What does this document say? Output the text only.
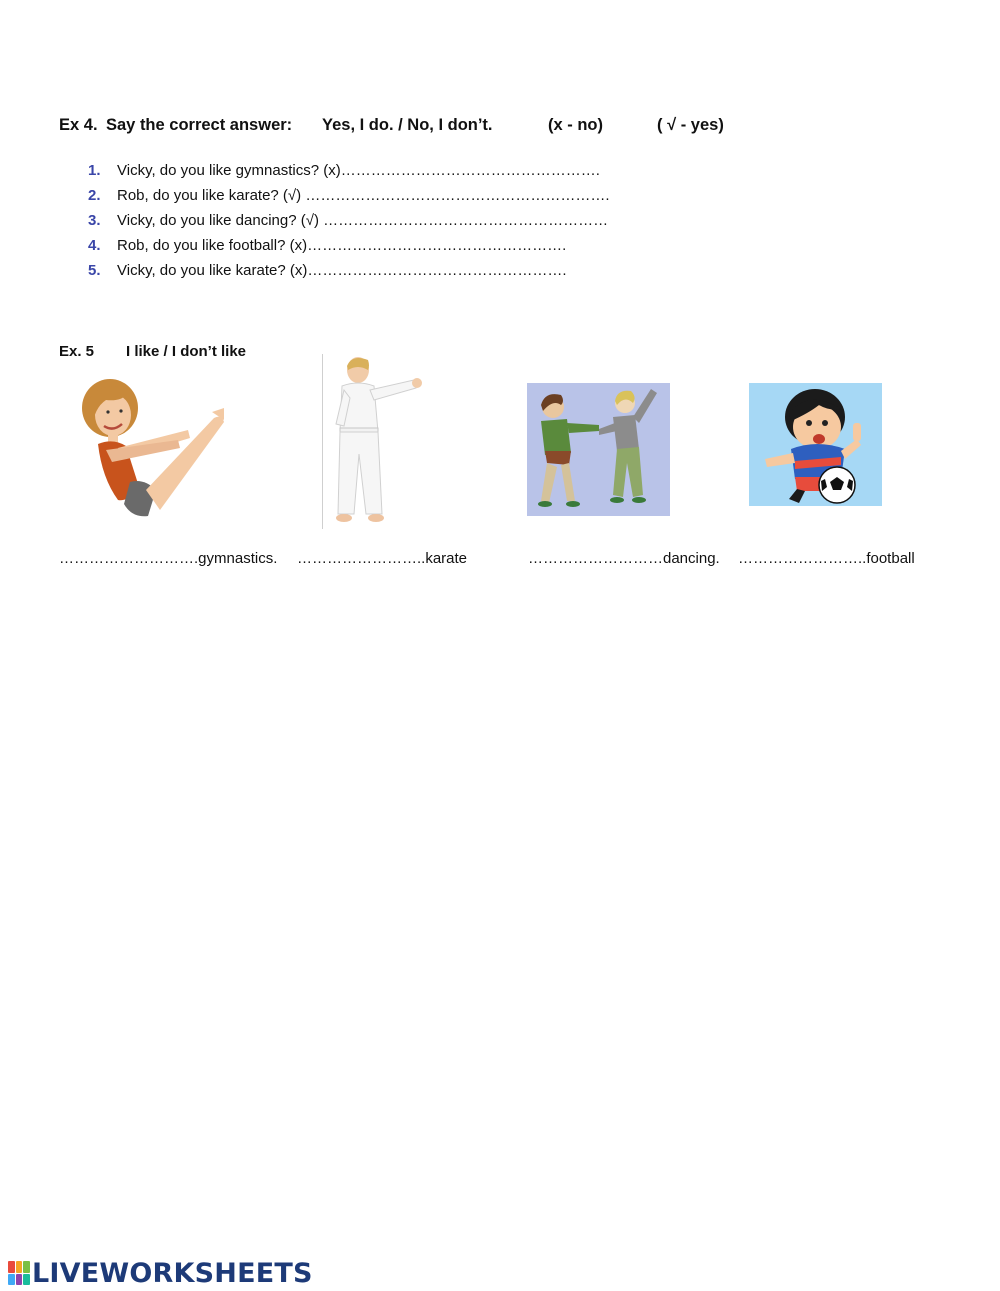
Ex 4. Say the correct answer: Yes, I do. / No, I don’t.	(x - no)	( √ - yes)
1. Vicky, do you like gymnastics? (x)…………………………………………….
2. Rob, do you like karate? (√) …………………………………………………….
3. Vicky, do you like dancing? (√) …………………………………………………
4. Rob, do you like football? (x)…………………………………………….
5. Vicky, do you like karate? (x)…………………………………………….
Ex. 5 I like / I don’t like
……………………….gymnastics. ……………………..karate	………………………dancing. ……………………..football
LIVEWORKSHEETS
